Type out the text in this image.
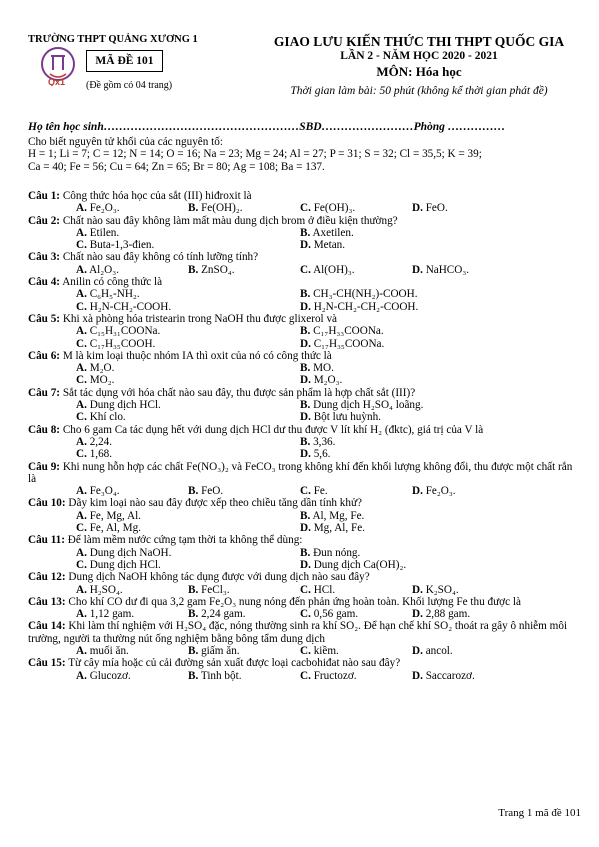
TRƯỜNG THPT QUẢNG XƯƠNG 1
Qx1
MÃ ĐỀ 101
(Đề gồm có 04 trang)
GIAO LƯU KIẾN THỨC THI THPT QUỐC GIA
LẦN 2 - NĂM HỌC 2020 - 2021
MÔN: Hóa học
Thời gian làm bài: 50 phút (không kể thời gian phát đề)
Họ tên học sinh……………………………………………SBD……………………Phòng ……………

Cho biết nguyên tử khối của các nguyên tố:

H = 1; Li = 7; C = 12; N = 14; O = 16; Na = 23; Mg = 24; Al = 27; P = 31; S = 32; Cl = 35,5; K = 39;

Ca = 40; Fe = 56; Cu = 64; Zn = 65; Br = 80; Ag = 108; Ba = 137.

Câu 1: Công thức hóa học của sắt (III) hiđroxit là

A. Fe₂O₃.	B. Fe(OH)₂.	C. Fe(OH)₃.	D. FeO.

Câu 2: Chất nào sau đây không làm mất màu dung dịch brom ở điều kiện thường?

A. Etilen.	B. Axetilen.
C. Buta-1,3-đien.	D. Metan.

Câu 3: Chất nào sau đây không có tính lưỡng tính?

A. Al₂O₃.	B. ZnSO₄.	C. Al(OH)₃.	D. NaHCO₃.

Câu 4: Anilin có công thức là

A. C₆H₅-NH₂.	B. CH₃-CH(NH₂)-COOH.
C. H₂N-CH₂-COOH.	D. H₂N-CH₂-CH₂-COOH.

Câu 5: Khi xà phòng hóa tristearin trong NaOH thu được glixerol và

A. C₁₅H₃₁COONa.	B. C₁₇H₃₃COONa.
C. C₁₇H₃₅COOH.	D. C₁₇H₃₅COONa.

Câu 6: M là kim loại thuộc nhóm IA thì oxit của nó có công thức là

A. M₂O.	B. MO.
C. MO₂.	D. M₂O₃.

Câu 7: Sắt tác dụng với hóa chất nào sau đây, thu được sản phẩm là hợp chất sắt (III)?

A. Dung dịch HCl.	B. Dung dịch H₂SO₄ loãng.
C. Khí clo.	D. Bột lưu huỳnh.

Câu 8: Cho 6 gam Ca tác dụng hết với dung dịch HCl dư thu được V lít khí H₂ (đktc), giá trị của V là

A. 2,24.	B. 3,36.
C. 1,68.	D. 5,6.

Câu 9: Khi nung hỗn hợp các chất Fe(NO₃)₂ và FeCO₃ trong không khí đến khối lượng không đổi, thu được một chất rắn là

A. Fe₃O₄.	B. FeO.	C. Fe.	D. Fe₂O₃.

Câu 10: Dãy kim loại nào sau đây được xếp theo chiều tăng dần tính khử?

A. Fe, Mg, Al.	B. Al, Mg, Fe.
C. Fe, Al, Mg.	D. Mg, Al, Fe.

Câu 11: Để làm mềm nước cứng tạm thời ta không thể dùng:

A. Dung dịch NaOH.	B. Đun nóng.
C. Dung dịch HCl.	D. Dung dịch Ca(OH)₂.

Câu 12: Dung dịch NaOH không tác dụng được với dung dịch nào sau đây?

A. H₂SO₄.	B. FeCl₃.	C. HCl.	D. K₂SO₄.

Câu 13: Cho khí CO dư đi qua 3,2 gam Fe₂O₃ nung nóng đến phản ứng hoàn toàn. Khối lượng Fe thu được là

A. 1,12 gam.	B. 2,24 gam.	C. 0,56 gam.	D. 2,88 gam.

Câu 14: Khi làm thí nghiệm với H₂SO₄ đặc, nóng thường sinh ra khí SO₂. Để hạn chế khí SO₂ thoát ra gây ô nhiễm môi trường, người ta thường nút ống nghiệm bằng bông tẩm dung dịch

A. muối ăn.	B. giấm ăn.	C. kiềm.	D. ancol.

Câu 15: Từ cây mía hoặc củ cải đường sản xuất được loại cacbohiđat nào sau đây?

A. Glucozơ.	B. Tinh bột.	C. Fructozơ.	D. Saccarozơ.
Trang 1 mã đề 101
